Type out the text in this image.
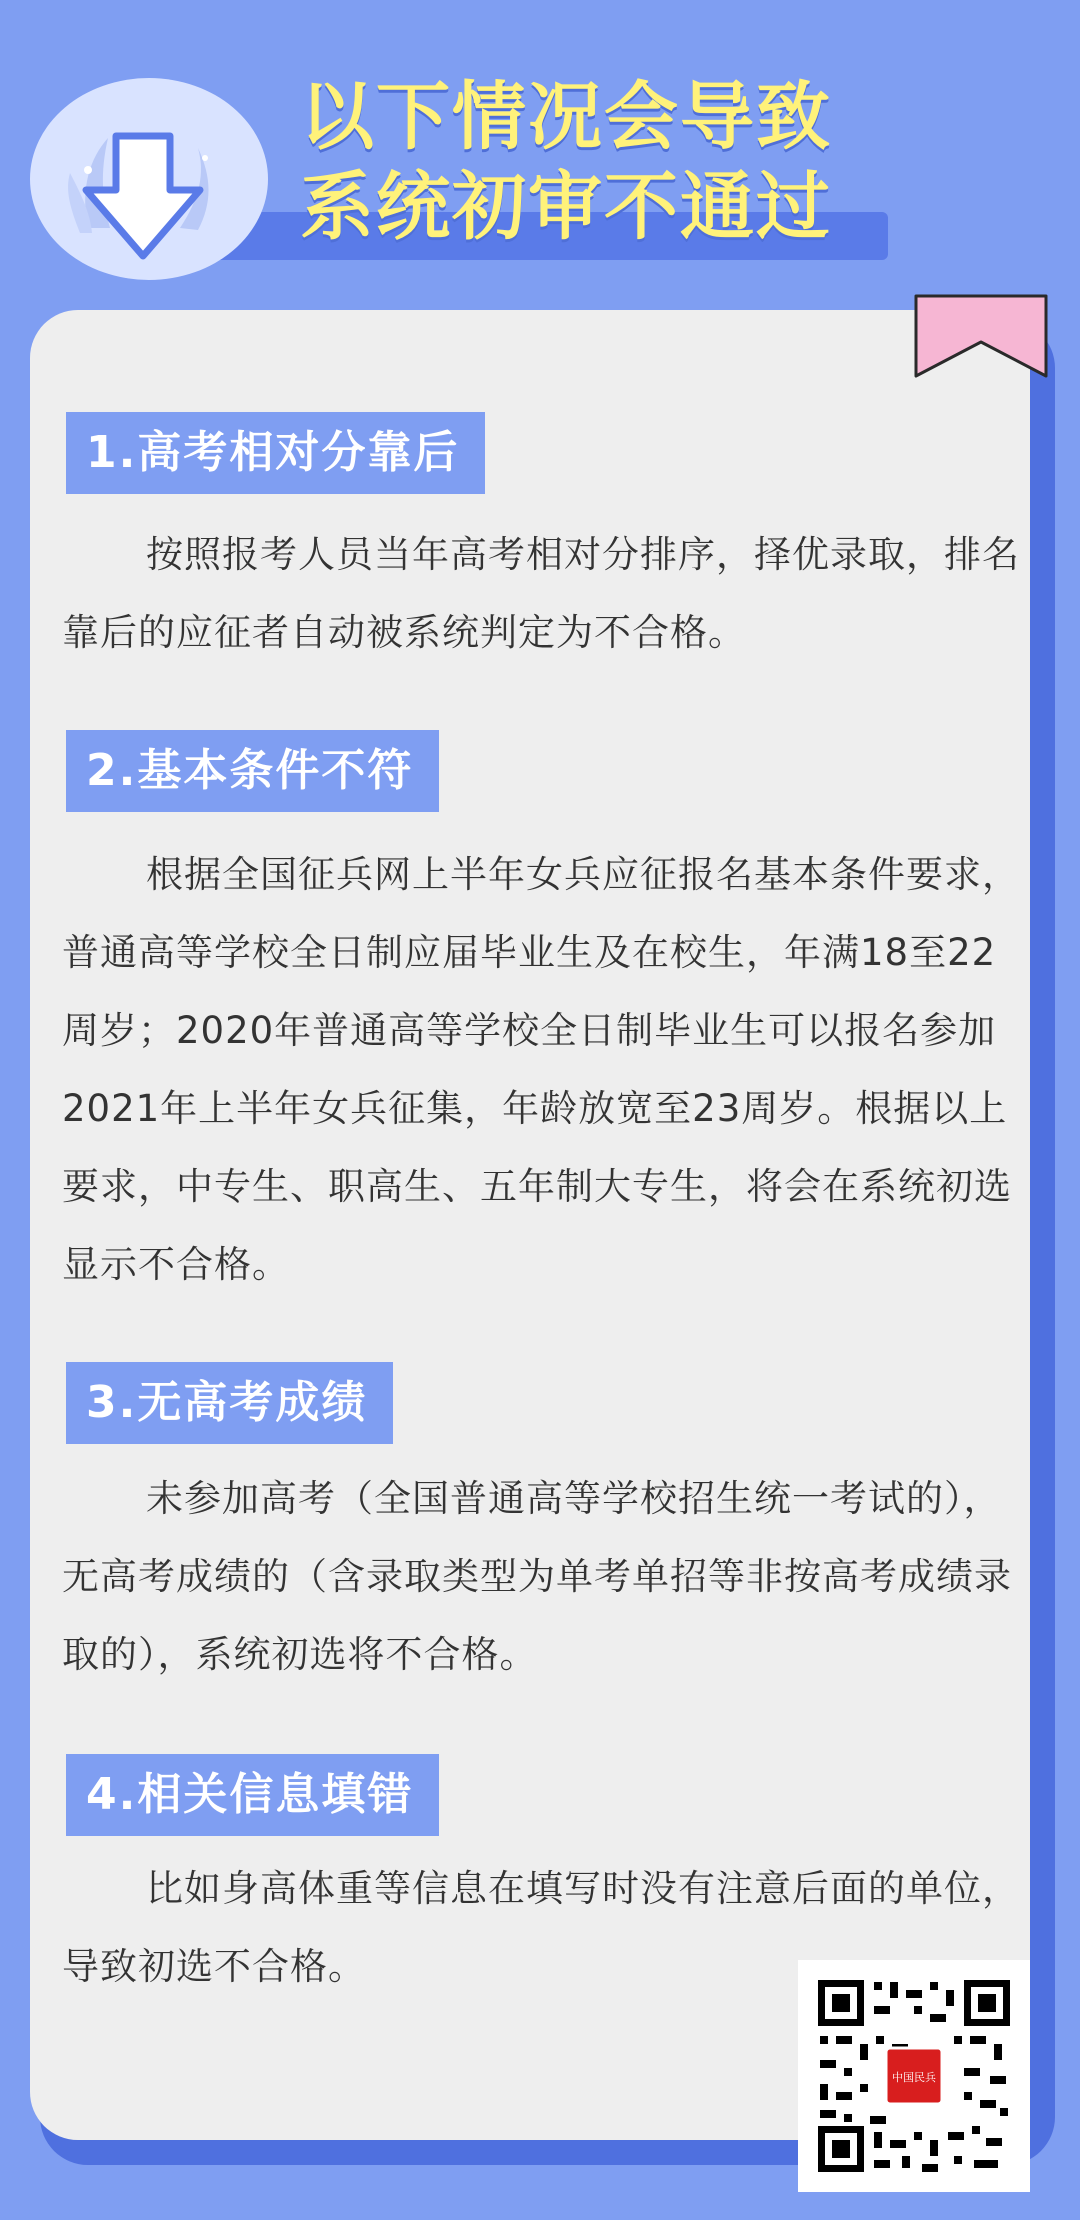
以下情况会导致
系统初审不通过
1.高考相对分靠后
按照报考人员当年高考相对分排序，择优录取，排名靠后的应征者自动被系统判定为不合格。
2.基本条件不符
根据全国征兵网上半年女兵应征报名基本条件要求，普通高等学校全日制应届毕业生及在校生，年满18至22周岁；2020年普通高等学校全日制毕业生可以报名参加2021年上半年女兵征集，年龄放宽至23周岁。根据以上要求，中专生、职高生、五年制大专生，将会在系统初选显示不合格。
3.无高考成绩
未参加高考（全国普通高等学校招生统一考试的），无高考成绩的（含录取类型为单考单招等非按高考成绩录取的），系统初选将不合格。
4.相关信息填错
比如身高体重等信息在填写时没有注意后面的单位，导致初选不合格。
中国民兵
